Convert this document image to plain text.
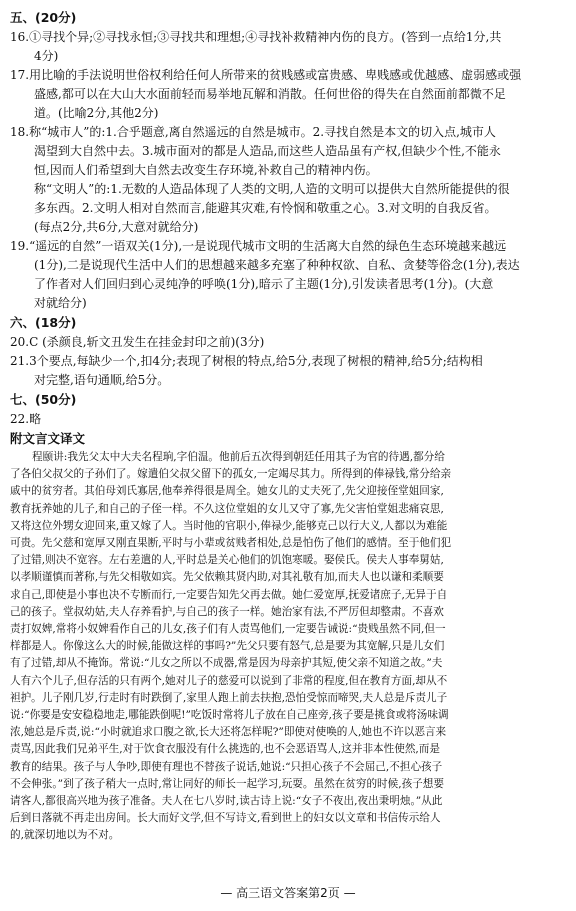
五、(20分)
16.①寻找个异;②寻找永恒;③寻找共和理想;④寻找补救精神内伤的良方。(答到一点给1分,共
4分)
17.用比喻的手法说明世俗权利给任何人所带来的贫贱感或富贵感、卑贱感或优越感、虚弱感或强
盛感,都可以在大山大水面前轻而易举地瓦解和消散。任何世俗的得失在自然面前都微不足
道。(比喻2分,其他2分)
18.称“城市人”的:1.合乎题意,离自然遥远的自然是城市。2.寻找自然是本文的切入点,城市人
渴望到大自然中去。3.城市面对的都是人造品,而这些人造品虽有产权,但缺少个性,不能永
恒,因而人们希望到大自然去改变生存环境,补救自己的精神内伤。
称“文明人”的:1.无数的人造品体现了人类的文明,人造的文明可以提供大自然所能提供的很
多东西。2.文明人相对自然而言,能避其灾难,有怜悯和敬重之心。3.对文明的自我反省。
(每点2分,共6分,大意对就给分)
19.“遥远的自然”一语双关(1分),一是说现代城市文明的生活离大自然的绿色生态环境越来越远
(1分),二是说现代生活中人们的思想越来越多充塞了种种权欲、自私、贪婪等俗念(1分),表达
了作者对人们回归到心灵纯净的呼唤(1分),暗示了主题(1分),引发读者思考(1分)。(大意
对就给分)
六、(18分)
20.C (杀颜良,斩文丑发生在挂金封印之前)(3分)
21.3个要点,每缺少一个,扣4分;表现了树根的特点,给5分,表现了树根的精神,给5分;结构相
对完整,语句通顺,给5分。
七、(50分)
22.略
附文言文译文
程颐讲:我先父太中大夫名程珦,字伯温。他前后五次得到朝廷任用其子为官的待遇,都分给
了各伯父叔父的子孙们了。嫁遣伯父叔父留下的孤女,一定竭尽其力。所得到的俸禄钱,常分给亲
戚中的贫穷者。其伯母刘氏寡居,他奉养得很是周全。她女儿的丈夫死了,先父迎接侄堂姐回家,
教育抚养她的儿子,和自己的子侄一样。不久这位堂姐的女儿又守了寡,先父害怕堂姐悲痛哀思,
又将这位外甥女迎回来,重又嫁了人。当时他的官职小,俸禄少,能够克己以行大义,人都以为难能
可贵。先父慈和宽厚又刚直果断,平时与小辈或贫贱者相处,总是怕伤了他们的感情。至于他们犯
了过错,则决不宽容。左右差遣的人,平时总是关心他们的饥饱寒暖。娶侯氏。侯夫人事奉舅姑,
以孝顺谨慎而著称,与先父相敬如宾。先父依赖其贤内助,对其礼敬有加,而夫人也以谦和柔顺要
求自己,即使是小事也决不专断而行,一定要告知先父再去做。她仁爱宽厚,抚爱诸庶子,无异于自
己的孩子。堂叔幼姑,夫人存养看护,与自己的孩子一样。她治家有法,不严厉但却整肃。不喜欢
责打奴婢,常将小奴婢看作自己的儿女,孩子们有人责骂他们,一定要告诫说:“贵贱虽然不同,但一
样都是人。你像这么大的时候,能做这样的事吗?”先父只要有怒气,总是要为其宽解,只是儿女们
有了过错,却从不掩饰。常说:“儿女之所以不成器,常是因为母亲护其短,使父亲不知道之故。”夫
人有六个儿子,但存活的只有两个,她对儿子的慈爱可以说到了非常的程度,但在教育方面,却从不
袒护。儿子刚几岁,行走时有时跌倒了,家里人跑上前去扶抱,恐怕受惊而啼哭,夫人总是斥责儿子
说:“你要是安安稳稳地走,哪能跌倒呢!”吃饭时常将儿子放在自己座旁,孩子要是挑食或将汤味调
浓,她总是斥责,说:“小时就追求口腹之欲,长大还将怎样呢?”即使对使唤的人,她也不许以恶言来
责骂,因此我们兄弟平生,对于饮食衣服没有什么挑选的,也不会恶语骂人,这并非本性使然,而是
教育的结果。孩子与人争吵,即使有理也不替孩子说话,她说:“只担心孩子不会屈己,不担心孩子
不会伸张。”到了孩子稍大一点时,常让同好的师长一起学习,玩耍。虽然在贫穷的时候,孩子想要
请客人,都很高兴地为孩子准备。夫人在七八岁时,读古诗上说:“女子不夜出,夜出秉明烛。”从此
后到日落就不再走出房间。长大而好文学,但不写诗文,看到世上的妇女以文章和书信传示给人
的,就深切地以为不对。
— 高三语文答案第2页 —
